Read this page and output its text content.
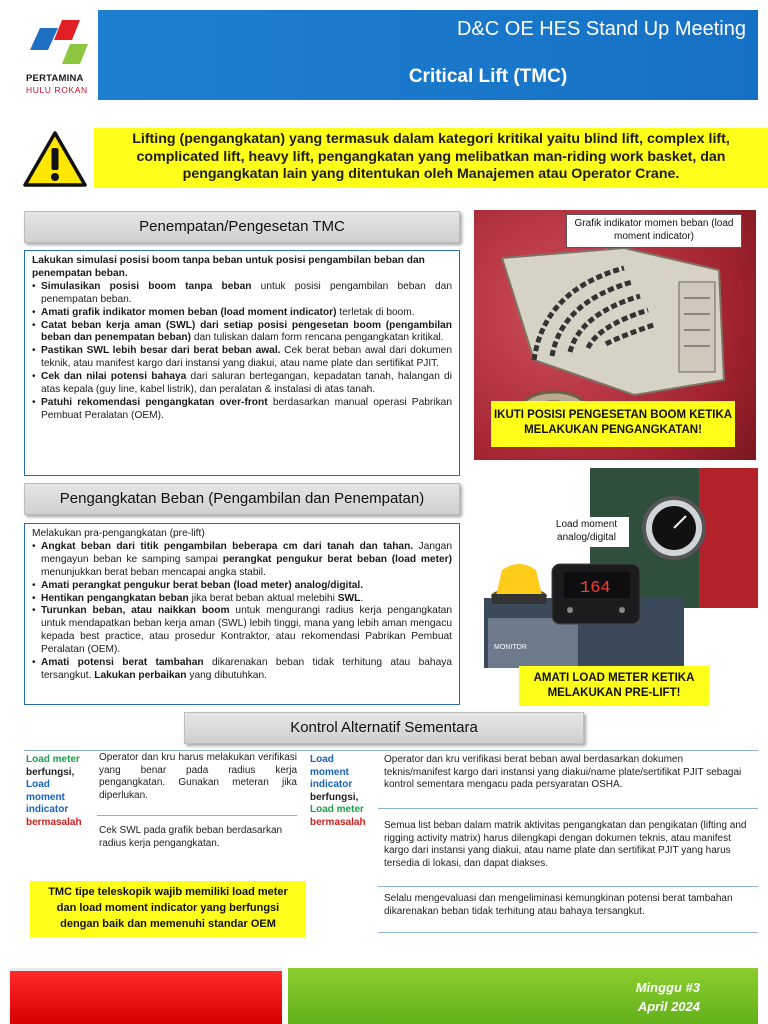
PERTAMINA
HULU ROKAN
D&C OE HES Stand Up Meeting
Critical Lift (TMC)
Lifting (pengangkatan) yang termasuk dalam kategori kritikal yaitu blind lift, complex lift, complicated lift, heavy lift, pengangkatan yang melibatkan man-riding work basket, dan pengangkatan lain yang ditentukan oleh Manajemen atau Operator Crane.
Penempatan/Pengesetan TMC
Lakukan simulasi posisi boom tanpa beban untuk posisi pengambilan beban dan penempatan beban.
• Simulasikan posisi boom tanpa beban untuk posisi pengambilan beban dan penempatan beban.
• Amati grafik indikator momen beban (load moment indicator) terletak di boom.
• Catat beban kerja aman (SWL) dari setiap posisi pengesetan boom (pengambilan beban dan penempatan beban) dan tuliskan dalam form rencana pengangkatan kritikal.
• Pastikan SWL lebih besar dari berat beban awal. Cek berat beban awal dari dokumen teknik, atau manifest kargo dari instansi yang diakui, atau name plate dan sertifikat PJIT.
• Cek dan nilai potensi bahaya dari saluran bertegangan, kepadatan tanah, halangan di atas kepala (guy line, kabel listrik), dan peralatan & instalasi di atas tanah.
• Patuhi rekomendasi pengangkatan over-front berdasarkan manual operasi Pabrikan Pembuat Peralatan (OEM).
Grafik indikator momen beban (load moment indicator)
IKUTI POSISI PENGESETAN BOOM KETIKA MELAKUKAN PENGANGKATAN!
Pengangkatan Beban (Pengambilan dan Penempatan)
Melakukan pra-pengangkatan (pre-lift)
• Angkat beban dari titik pengambilan beberapa cm dari tanah dan tahan. Jangan mengayun beban ke samping sampai perangkat pengukur berat beban (load meter) menunjukkan berat beban mencapai angka stabil.
• Amati perangkat pengukur berat beban (load meter) analog/digital.
• Hentikan pengangkatan beban jika berat beban aktual melebihi SWL.
• Turunkan beban, atau naikkan boom untuk mengurangi radius kerja pengangkatan untuk mendapatkan beban kerja aman (SWL) lebih tinggi, mana yang lebih aman mengacu kepada best practice, atau prosedur Kontraktor, atau rekomendasi Pabrikan Pembuat Peralatan (OEM).
• Amati potensi berat tambahan dikarenakan beban tidak terhitung atau bahaya tersangkut. Lakukan perbaikan yang dibutuhkan.
MONITOR
164
Load moment analog/digital
AMATI LOAD METER KETIKA MELAKUKAN PRE-LIFT!
Kontrol Alternatif Sementara
Load meter
berfungsi,
Load
moment
indicator
bermasalah
Operator dan kru harus melakukan verifikasi yang benar pada radius kerja pengangkatan. Gunakan meteran jika diperlukan.
Cek SWL pada grafik beban berdasarkan radius kerja pengangkatan.
Load
moment
indicator
berfungsi,
Load meter
bermasalah
Operator dan kru verifikasi berat beban awal berdasarkan dokumen teknis/manifest kargo dari instansi yang diakui/name plate/sertifikat PJIT sebagai kontrol sementara mengacu pada persyaratan OSHA.
Semua list beban dalam matrik aktivitas pengangkatan dan pengikatan (lifting and rigging activity matrix) harus dilengkapi dengan dokumen teknis, atau manifest kargo dari instansi yang diakui, atau name plate dan sertifikat PJIT yang harus tersedia di lokasi, dan dapat diakses.
Selalu mengevaluasi dan mengeliminasi kemungkinan potensi berat tambahan dikarenakan beban tidak terhitung atau bahaya tersangkut.
TMC tipe teleskopik wajib memiliki load meter dan load moment indicator yang berfungsi dengan baik dan memenuhi standar OEM
Minggu #3
April 2024
